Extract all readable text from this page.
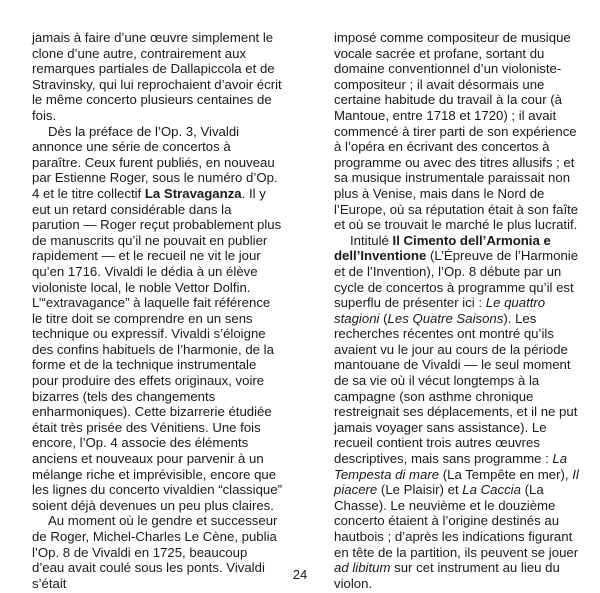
jamais à faire d’une œuvre simplement le clone d’une autre, contrairement aux remarques partiales de Dallapiccola et de Stravinsky, qui lui reprochaient d’avoir écrit le même concerto plusieurs centaines de fois.

Dès la préface de l’Op. 3, Vivaldi annonce une série de concertos à paraître. Ceux furent publiés, en nouveau par Estienne Roger, sous le numéro d’Op. 4 et le titre collectif La Stravaganza. Il y eut un retard considérable dans la parution — Roger reçut probablement plus de manuscrits qu’il ne pouvait en publier rapidement — et le recueil ne vit le jour qu’en 1716. Vivaldi le dédia à un élève violoniste local, le noble Vettor Dolfin. L’“extravagance” à laquelle fait référence le titre doit se comprendre en un sens technique ou expressif. Vivaldi s’éloigne des confins habituels de l’harmonie, de la forme et de la technique instrumentale pour produire des effets originaux, voire bizarres (tels des changements enharmoniques). Cette bizarrerie étudiée était très prisée des Vénitiens. Une fois encore, l’Op. 4 associe des éléments anciens et nouveaux pour parvenir à un mélange riche et imprévisible, encore que les lignes du concerto vivaldien “classique” soient déjà devenues un peu plus claires.

Au moment où le gendre et successeur de Roger, Michel-Charles Le Cène, publia l’Op. 8 de Vivaldi en 1725, beaucoup d’eau avait coulé sous les ponts. Vivaldi s’était

imposé comme compositeur de musique vocale sacrée et profane, sortant du domaine conventionnel d’un violoniste-compositeur ; il avait désormais une certaine habitude du travail à la cour (à Mantoue, entre 1718 et 1720) ; il avait commencé à tirer parti de son expérience à l’opéra en écrivant des concertos à programme ou avec des titres allusifs ; et sa musique instrumentale paraissait non plus à Venise, mais dans le Nord de l’Europe, où sa réputation était à son faîte et où se trouvait le marché le plus lucratif.

Intitulé Il Cimento dell’Armonia e dell’Inventione (L’Épreuve de l’Harmonie et de l’Invention), l’Op. 8 débute par un cycle de concertos à programme qu’il est superflu de présenter ici : Le quattro stagioni (Les Quatre Saisons). Les recherches récentes ont montré qu’ils avaient vu le jour au cours de la période mantouane de Vivaldi — le seul moment de sa vie où il vécut longtemps à la campagne (son asthme chronique restreignait ses déplacements, et il ne put jamais voyager sans assistance). Le recueil contient trois autres œuvres descriptives, mais sans programme : La Tempesta di mare (La Tempête en mer), Il piacere (Le Plaisir) et La Caccia (La Chasse). Le neuvième et le douzième concerto étaient à l’origine destinés au hautbois ; d’après les indications figurant en tête de la partition, ils peuvent se jouer ad libitum sur cet instrument au lieu du violon.

24
